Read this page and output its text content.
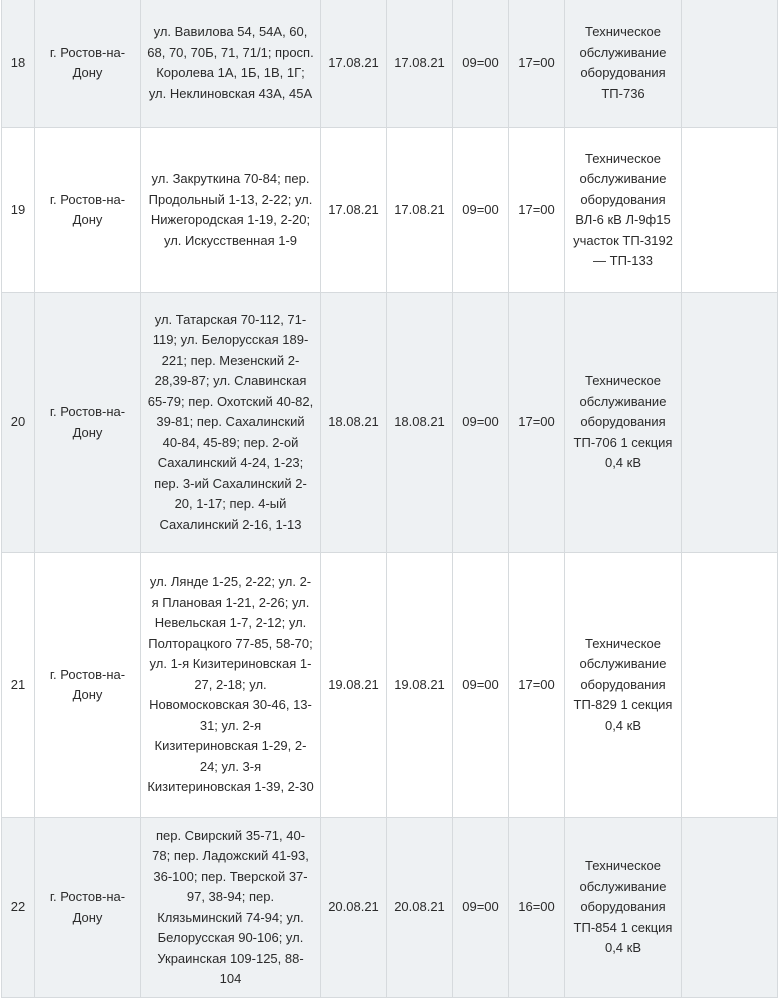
18	г. Ростов-на-Дону	ул. Вавилова 54, 54А, 60, 68, 70, 70Б, 71, 71/1; просп. Королева 1А, 1Б, 1В, 1Г; ул. Неклиновская 43А, 45А	17.08.21	17.08.21	09=00	17=00	Техническое обслуживание оборудования ТП-736	
19	г. Ростов-на-Дону	ул. Закруткина 70-84; пер. Продольный 1-13, 2-22; ул. Нижегородская 1-19, 2-20; ул. Искусственная 1-9	17.08.21	17.08.21	09=00	17=00	Техническое обслуживание оборудования ВЛ-6 кВ Л-9ф15 участок ТП-3192 — ТП-133	
20	г. Ростов-на-Дону	ул. Татарская 70-112, 71-119; ул. Белорусская 189-221; пер. Мезенский 2-28,39-87; ул. Славинская 65-79; пер. Охотский 40-82, 39-81; пер. Сахалинский 40-84, 45-89; пер. 2-ой Сахалинский 4-24, 1-23; пер. 3-ий Сахалинский 2-20, 1-17; пер. 4-ый Сахалинский 2-16, 1-13	18.08.21	18.08.21	09=00	17=00	Техническое обслуживание оборудования ТП-706 1 секция 0,4 кВ	
21	г. Ростов-на-Дону	ул. Лянде 1-25, 2-22; ул. 2-я Плановая 1-21, 2-26; ул. Невельская 1-7, 2-12; ул. Полторацкого 77-85, 58-70; ул. 1-я Кизитериновская 1-27, 2-18; ул. Новомосковская 30-46, 13-31; ул. 2-я Кизитериновская 1-29, 2-24; ул. 3-я Кизитериновская 1-39, 2-30	19.08.21	19.08.21	09=00	17=00	Техническое обслуживание оборудования ТП-829 1 секция 0,4 кВ	
22	г. Ростов-на-Дону	пер. Свирский 35-71, 40-78; пер. Ладожский 41-93, 36-100; пер. Тверской 37-97, 38-94; пер. Клязьминский 74-94; ул. Белорусская 90-106; ул. Украинская 109-125, 88-104	20.08.21	20.08.21	09=00	16=00	Техническое обслуживание оборудования ТП-854 1 секция 0,4 кВ	
